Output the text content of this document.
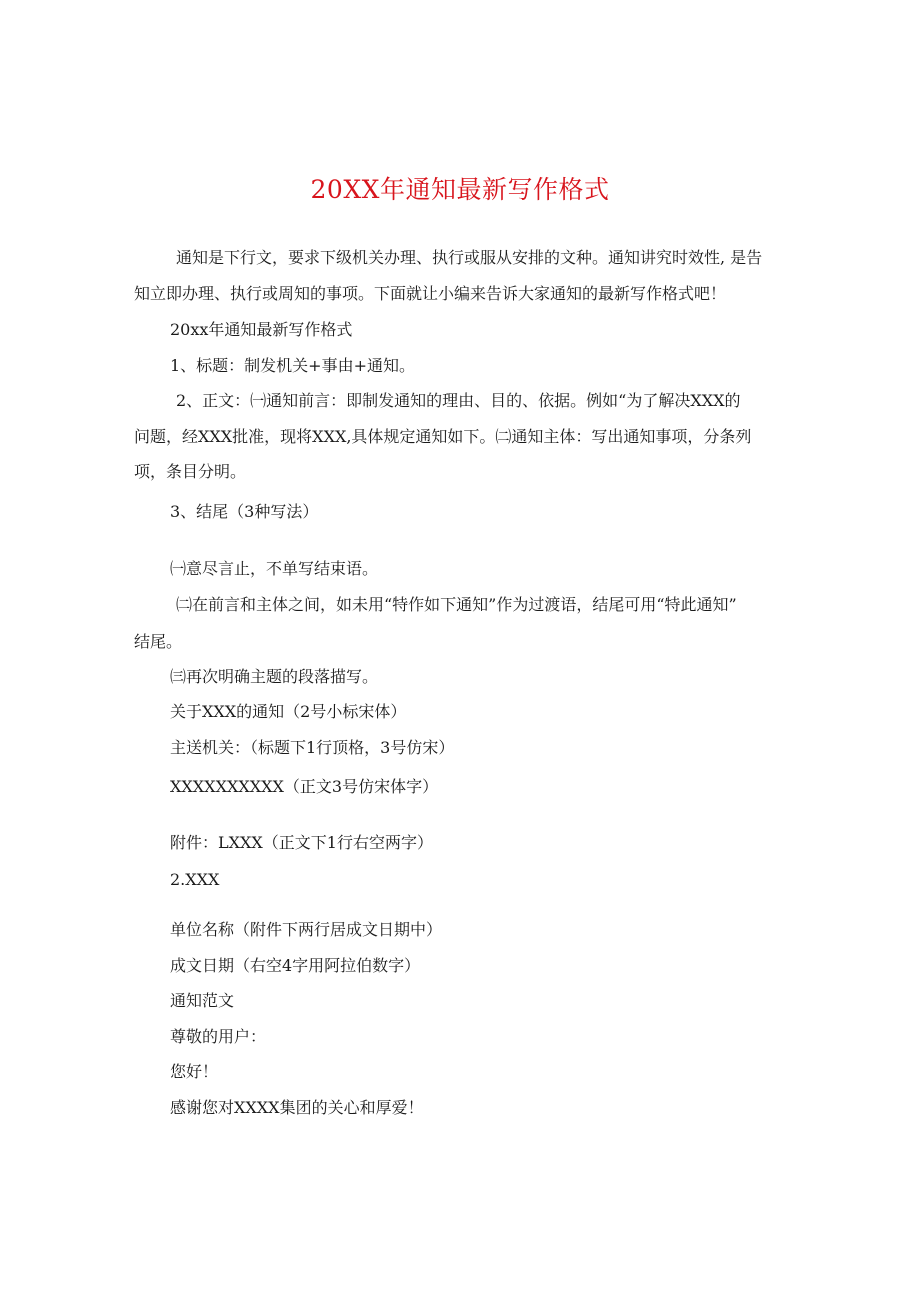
20XX年通知最新写作格式
通知是下行文，要求下级机关办理、执行或服从安排的文种。通知讲究时效性, 是告
知立即办理、执行或周知的事项。下面就让小编来告诉大家通知的最新写作格式吧！
20xx年通知最新写作格式
1、标题：制发机关+事由+通知。
2、正文：㈠通知前言：即制发通知的理由、目的、依据。例如“为了解决XXX的
问题，经XXX批准，现将XXX,具体规定通知如下。㈡通知主体：写出通知事项，分条列
项，条目分明。
3、结尾（3种写法）
㈠意尽言止，不单写结束语。
㈡在前言和主体之间，如未用“特作如下通知”作为过渡语，结尾可用“特此通知”
结尾。
㈢再次明确主题的段落描写。
关于XXX的通知（2号小标宋体）
主送机关：（标题下1行顶格，3号仿宋）
XXXXXXXXXX（正文3号仿宋体字）
附件：LXXX（正文下1行右空两字）
2.XXX
单位名称（附件下两行居成文日期中）
成文日期（右空4字用阿拉伯数字）
通知范文
尊敬的用户：
您好！
感谢您对XXXX集团的关心和厚爱！
